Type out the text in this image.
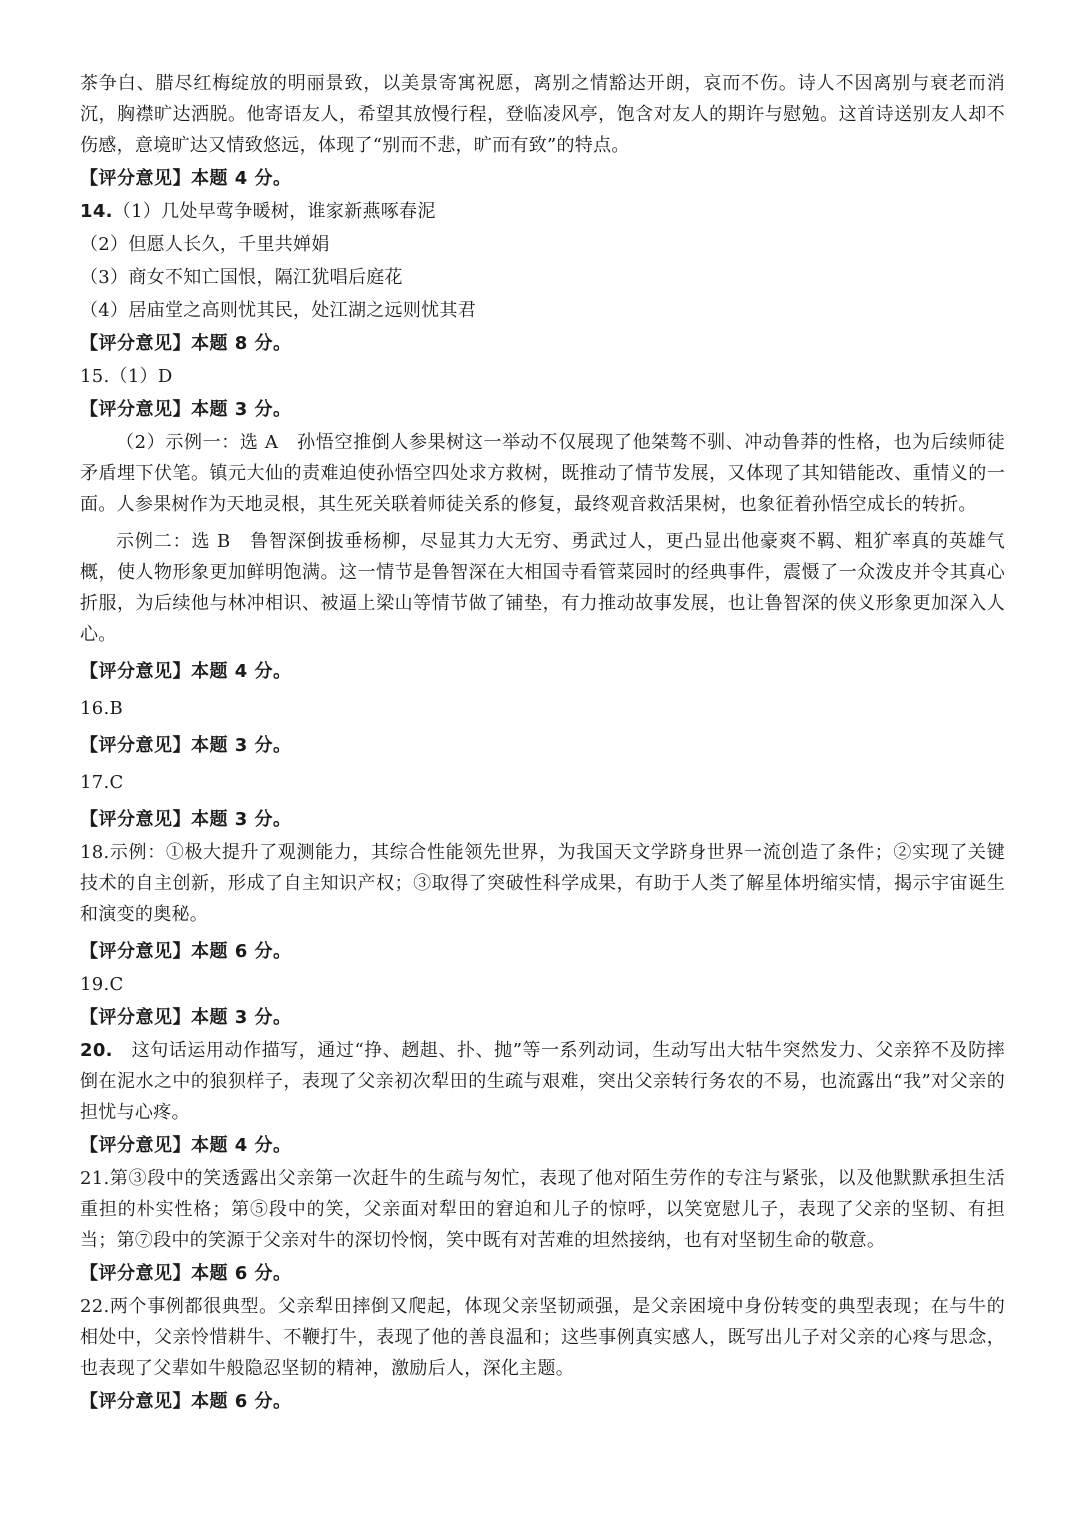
茶争白、腊尽红梅绽放的明丽景致，以美景寄寓祝愿，离别之情豁达开朗，哀而不伤。诗人不因离别与衰老而消沉，胸襟旷达洒脱。他寄语友人，希望其放慢行程，登临凌风亭，饱含对友人的期许与慰勉。这首诗送别友人却不伤感，意境旷达又情致悠远，体现了“别而不悲，旷而有致”的特点。

【评分意见】本题 4 分。

14.（1）几处早莺争暖树，谁家新燕啄春泥

（2）但愿人长久，千里共婵娟

（3）商女不知亡国恨，隔江犹唱后庭花

（4）居庙堂之高则忧其民，处江湖之远则忧其君

【评分意见】本题 8 分。

15.（1）D

【评分意见】本题 3 分。

（2）示例一：选 A　孙悟空推倒人参果树这一举动不仅展现了他桀骜不驯、冲动鲁莽的性格，也为后续师徒矛盾埋下伏笔。镇元大仙的责难迫使孙悟空四处求方救树，既推动了情节发展，又体现了其知错能改、重情义的一面。人参果树作为天地灵根，其生死关联着师徒关系的修复，最终观音救活果树，也象征着孙悟空成长的转折。

示例二：选 B　鲁智深倒拔垂杨柳，尽显其力大无穷、勇武过人，更凸显出他豪爽不羁、粗犷率真的英雄气概，使人物形象更加鲜明饱满。这一情节是鲁智深在大相国寺看管菜园时的经典事件，震慑了一众泼皮并令其真心折服，为后续他与林冲相识、被逼上梁山等情节做了铺垫，有力推动故事发展，也让鲁智深的侠义形象更加深入人心。

【评分意见】本题 4 分。

16.B

【评分意见】本题 3 分。

17.C

【评分意见】本题 3 分。

18.示例：①极大提升了观测能力，其综合性能领先世界，为我国天文学跻身世界一流创造了条件；②实现了关键技术的自主创新，形成了自主知识产权；③取得了突破性科学成果，有助于人类了解星体坍缩实情，揭示宇宙诞生和演变的奥秘。

【评分意见】本题 6 分。

19.C

【评分意见】本题 3 分。

20.　 这句话运用动作描写，通过“挣、趔趄、扑、抛”等一系列动词，生动写出大牯牛突然发力、父亲猝不及防摔倒在泥水之中的狼狈样子，表现了父亲初次犁田的生疏与艰难，突出父亲转行务农的不易，也流露出“我”对父亲的担忧与心疼。

【评分意见】本题 4 分。

21.第③段中的笑透露出父亲第一次赶牛的生疏与匆忙，表现了他对陌生劳作的专注与紧张，以及他默默承担生活重担的朴实性格；第⑤段中的笑，父亲面对犁田的窘迫和儿子的惊呼，以笑宽慰儿子，表现了父亲的坚韧、有担当；第⑦段中的笑源于父亲对牛的深切怜悯，笑中既有对苦难的坦然接纳，也有对坚韧生命的敬意。

【评分意见】本题 6 分。

22.两个事例都很典型。父亲犁田摔倒又爬起，体现父亲坚韧顽强，是父亲困境中身份转变的典型表现；在与牛的相处中，父亲怜惜耕牛、不鞭打牛，表现了他的善良温和；这些事例真实感人，既写出儿子对父亲的心疼与思念，也表现了父辈如牛般隐忍坚韧的精神，激励后人，深化主题。

【评分意见】本题 6 分。
